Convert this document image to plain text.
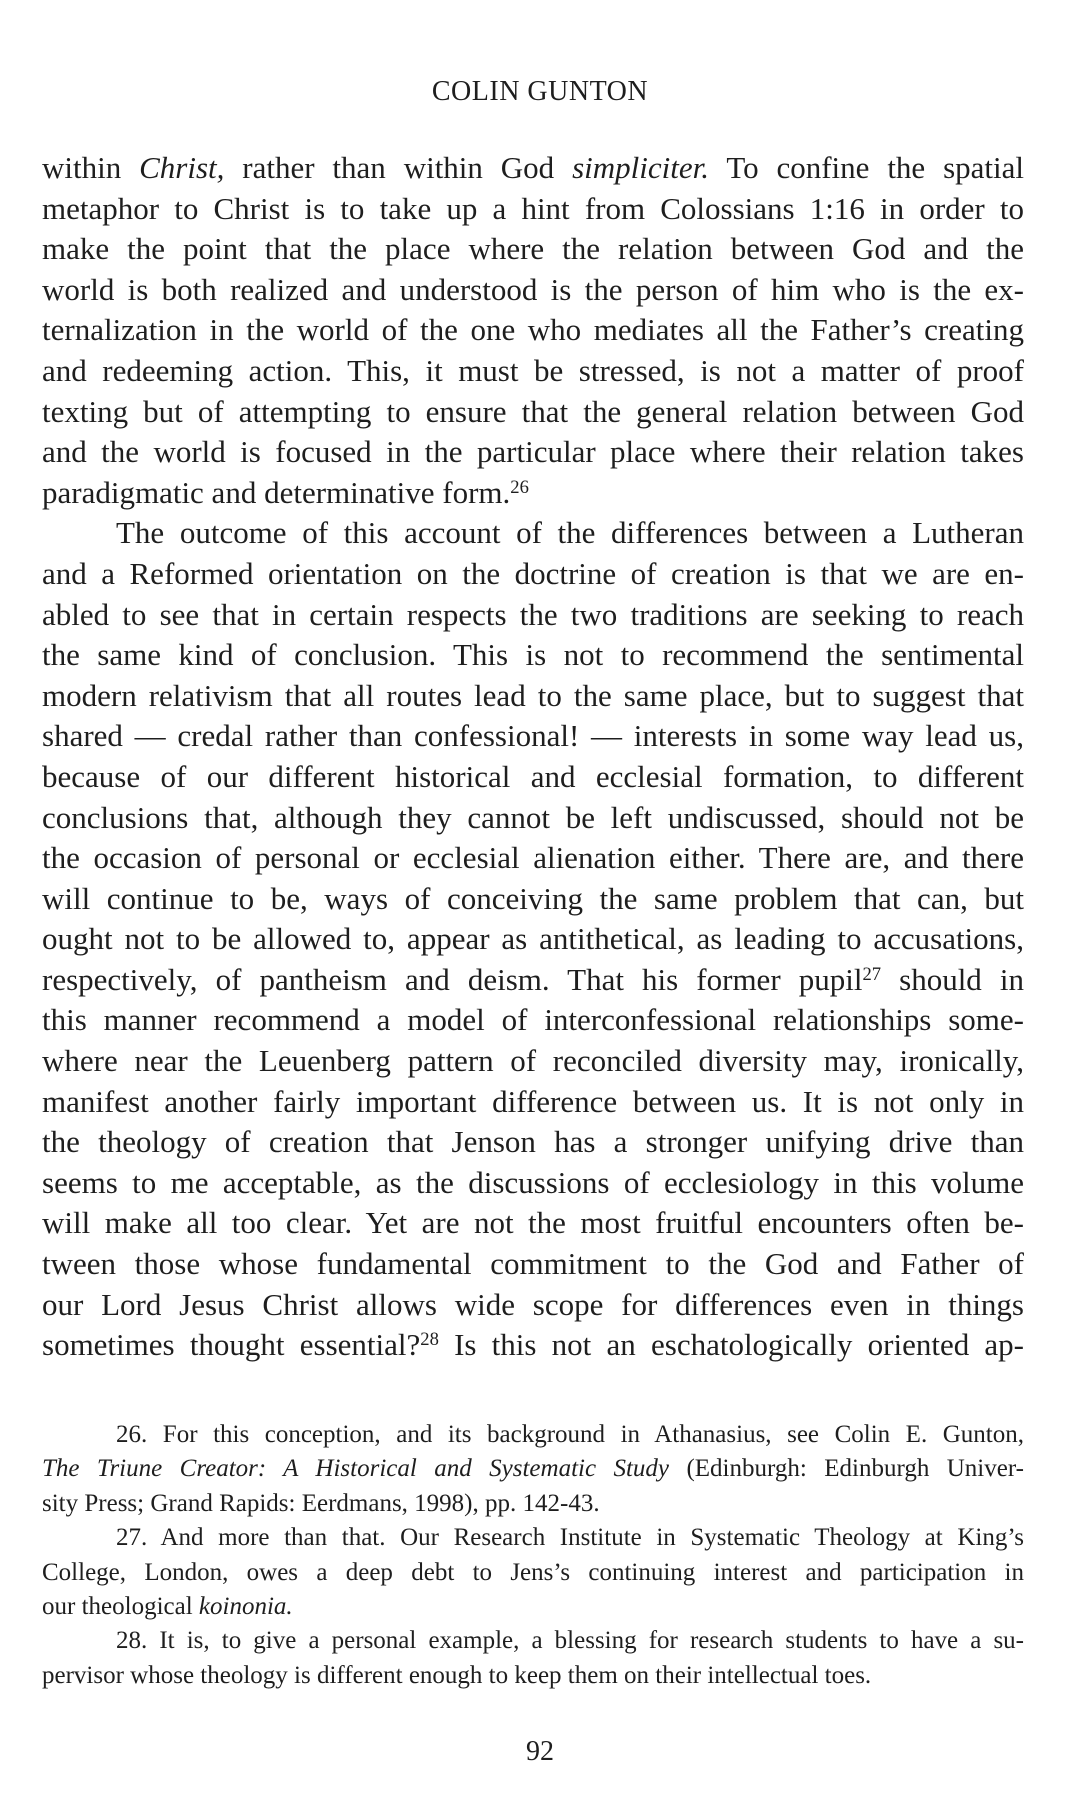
COLIN GUNTON
within Christ, rather than within God simpliciter. To confine the spatial
metaphor to Christ is to take up a hint from Colossians 1:16 in order to
make the point that the place where the relation between God and the
world is both realized and understood is the person of him who is the ex-
ternalization in the world of the one who mediates all the Father’s creating
and redeeming action. This, it must be stressed, is not a matter of proof
texting but of attempting to ensure that the general relation between God
and the world is focused in the particular place where their relation takes
paradigmatic and determinative form.$^{26}$
The outcome of this account of the differences between a Lutheran
and a Reformed orientation on the doctrine of creation is that we are en-
abled to see that in certain respects the two traditions are seeking to reach
the same kind of conclusion. This is not to recommend the sentimental
modern relativism that all routes lead to the same place, but to suggest that
shared — credal rather than confessional! — interests in some way lead us,
because of our different historical and ecclesial formation, to different
conclusions that, although they cannot be left undiscussed, should not be
the occasion of personal or ecclesial alienation either. There are, and there
will continue to be, ways of conceiving the same problem that can, but
ought not to be allowed to, appear as antithetical, as leading to accusations,
respectively, of pantheism and deism. That his former pupil$^{27}$ should in
this manner recommend a model of interconfessional relationships some-
where near the Leuenberg pattern of reconciled diversity may, ironically,
manifest another fairly important difference between us. It is not only in
the theology of creation that Jenson has a stronger unifying drive than
seems to me acceptable, as the discussions of ecclesiology in this volume
will make all too clear. Yet are not the most fruitful encounters often be-
tween those whose fundamental commitment to the God and Father of
our Lord Jesus Christ allows wide scope for differences even in things
sometimes thought essential?$^{28}$ Is this not an eschatologically oriented ap-
26. For this conception, and its background in Athanasius, see Colin E. Gunton,
The Triune Creator: A Historical and Systematic Study (Edinburgh: Edinburgh Univer-
sity Press; Grand Rapids: Eerdmans, 1998), pp. 142-43.
27. And more than that. Our Research Institute in Systematic Theology at King’s
College, London, owes a deep debt to Jens’s continuing interest and participation in
our theological koinonia.
28. It is, to give a personal example, a blessing for research students to have a su-
pervisor whose theology is different enough to keep them on their intellectual toes.
92
